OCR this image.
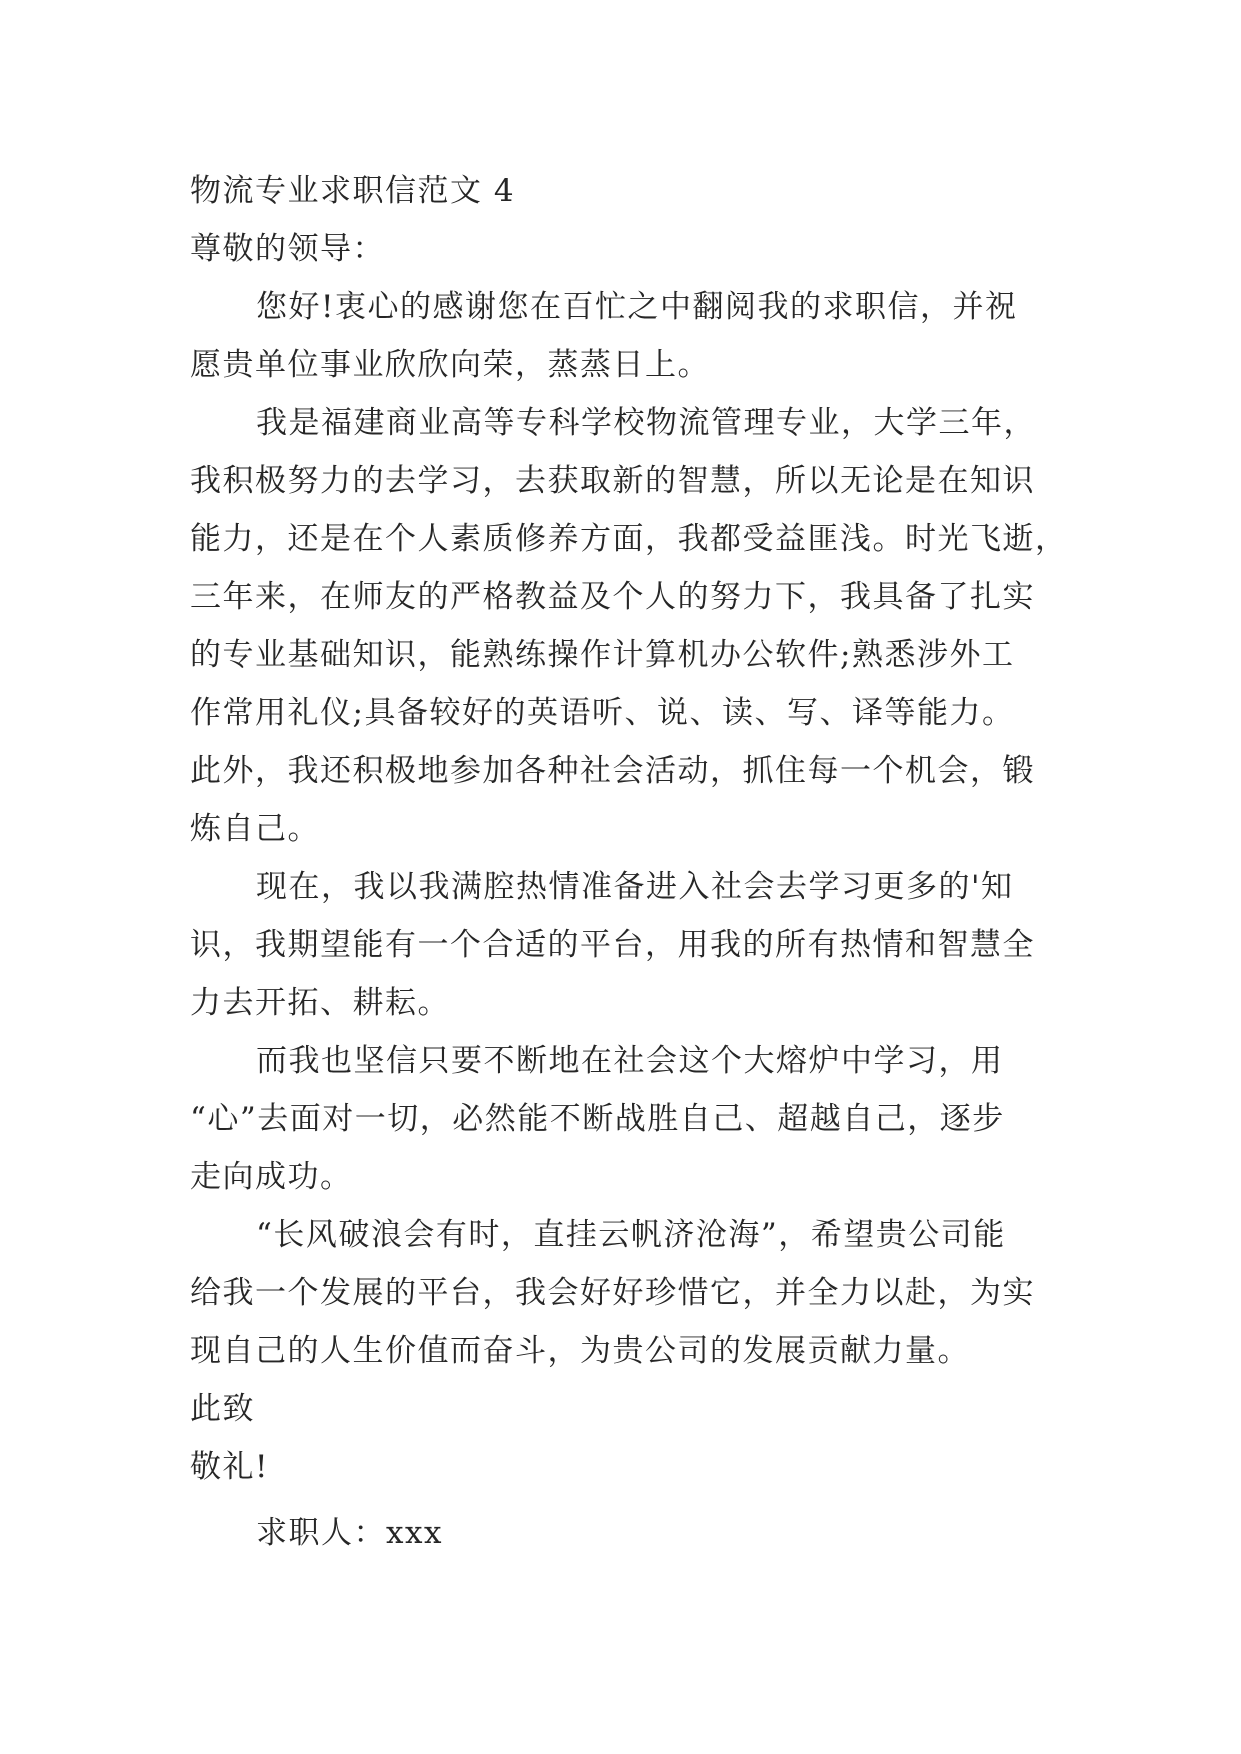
物流专业求职信范文 4
尊敬的领导：
您好!衷心的感谢您在百忙之中翻阅我的求职信，并祝
愿贵单位事业欣欣向荣，蒸蒸日上。
我是福建商业高等专科学校物流管理专业，大学三年，
我积极努力的去学习，去获取新的智慧，所以无论是在知识
能力，还是在个人素质修养方面，我都受益匪浅。时光飞逝，
三年来，在师友的严格教益及个人的努力下，我具备了扎实
的专业基础知识，能熟练操作计算机办公软件;熟悉涉外工
作常用礼仪;具备较好的英语听、说、读、写、译等能力。
此外，我还积极地参加各种社会活动，抓住每一个机会，锻
炼自己。
现在，我以我满腔热情准备进入社会去学习更多的'知
识，我期望能有一个合适的平台，用我的所有热情和智慧全
力去开拓、耕耘。
而我也坚信只要不断地在社会这个大熔炉中学习，用
“心”去面对一切，必然能不断战胜自己、超越自己，逐步
走向成功。
“长风破浪会有时，直挂云帆济沧海”，希望贵公司能
给我一个发展的平台，我会好好珍惜它，并全力以赴，为实
现自己的人生价值而奋斗，为贵公司的发展贡献力量。
此致
敬礼!
求职人：xxx
